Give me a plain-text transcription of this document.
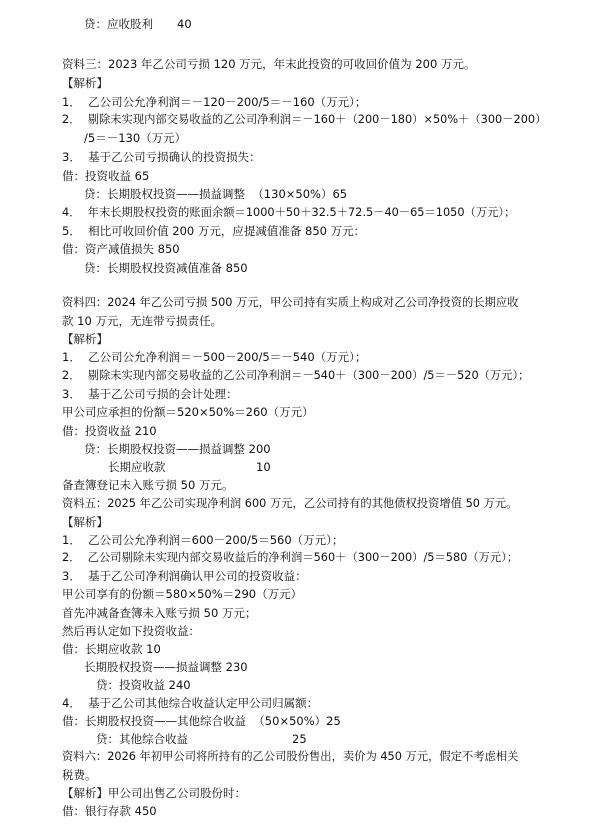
贷：应收股利 40
资料三：2023 年乙公司亏损 120 万元，年末此投资的可收回价值为 200 万元。
【解析】
1．  乙公司公允净利润＝－120－200/5＝－160（万元）；
2．  剔除未实现内部交易收益的乙公司净利润＝－160＋（200－180）×50%＋（300－200）
/5＝－130（万元）
3．  基于乙公司亏损确认的投资损失：
借：投资收益 65
贷：长期股权投资——损益调整  （130×50%）65
4．  年末长期股权投资的账面余额＝1000＋50＋32.5＋72.5－40－65＝1050（万元）；
5．  相比可收回价值 200 万元，应提减值准备 850 万元：
借：资产减值损失 850
贷：长期股权投资减值准备 850
资料四：2024 年乙公司亏损 500 万元，甲公司持有实质上构成对乙公司净投资的长期应收
款 10 万元，无连带亏损责任。
【解析】
1．  乙公司公允净利润＝－500－200/5＝－540（万元）；
2．  剔除未实现内部交易收益的乙公司净利润＝－540＋（300－200）/5＝－520（万元）；
3．  基于乙公司亏损的会计处理：
甲公司应承担的份额＝520×50%＝260（万元）
借：投资收益 210
贷：长期股权投资——损益调整 200
长期应收款	10
备查簿登记未入账亏损 50 万元。
资料五：2025 年乙公司实现净利润 600 万元，乙公司持有的其他债权投资增值 50 万元。
【解析】
1．  乙公司公允净利润＝600－200/5＝560（万元）；
2．  乙公司剔除未实现内部交易收益后的净利润＝560＋（300－200）/5＝580（万元）；
3．  基于乙公司净利润确认甲公司的投资收益：
甲公司享有的份额＝580×50%＝290（万元）
首先冲减备查簿未入账亏损 50 万元；
然后再认定如下投资收益：
借：长期应收款 10
长期股权投资——损益调整 230
贷：投资收益 240
4．  基于乙公司其他综合收益认定甲公司归属额：
借：长期股权投资——其他综合收益  （50×50%）25
贷：其他综合收益	25
资料六：2026 年初甲公司将所持有的乙公司股份售出，卖价为 450 万元，假定不考虑相关
税费。
【解析】甲公司出售乙公司股份时：
借：银行存款 450
